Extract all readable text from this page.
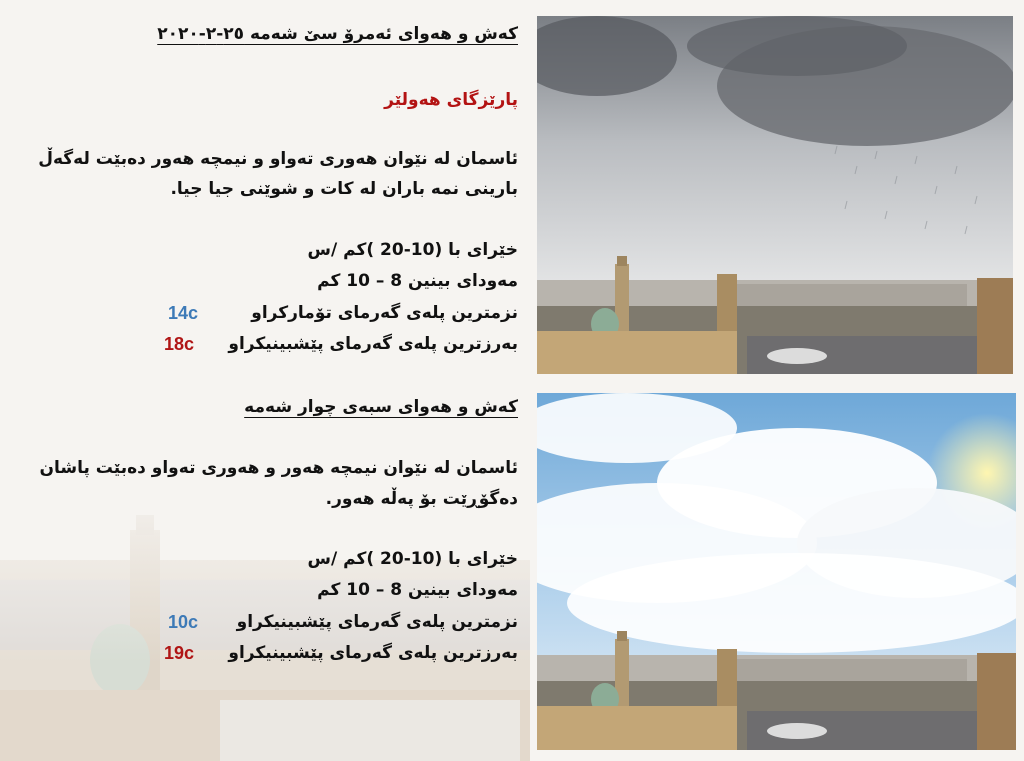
کەش و هەوای ئەمرۆ سێ شەمە ٢٥-٢-٢٠٢٠
پارێزگای هەولێر
ئاسمان لە نێوان هەوری تەواو و نیمچە هەور دەبێت لەگەڵ
بارینی نمە باران لە کات و شوێنی جیا جیا.
خێرای با (10-20 )کم /س
مەودای بینین 8 – 10 کم
نزمترین پلەی گەرمای تۆمارکراو
14c
بەرزترین پلەی گەرمای پێشبینیکراو
18c
کەش و هەوای سبەی چوار شەمە
ئاسمان لە نێوان نیمچە هەور و هەوری تەواو دەبێت پاشان
دەگۆڕێت بۆ پەڵە هەور.
خێرای با (10-20 )کم /س
مەودای بینین 8 – 10 کم
نزمترین پلەی گەرمای پێشبینیکراو
10c
بەرزترین پلەی گەرمای پێشبینیکراو
19c
